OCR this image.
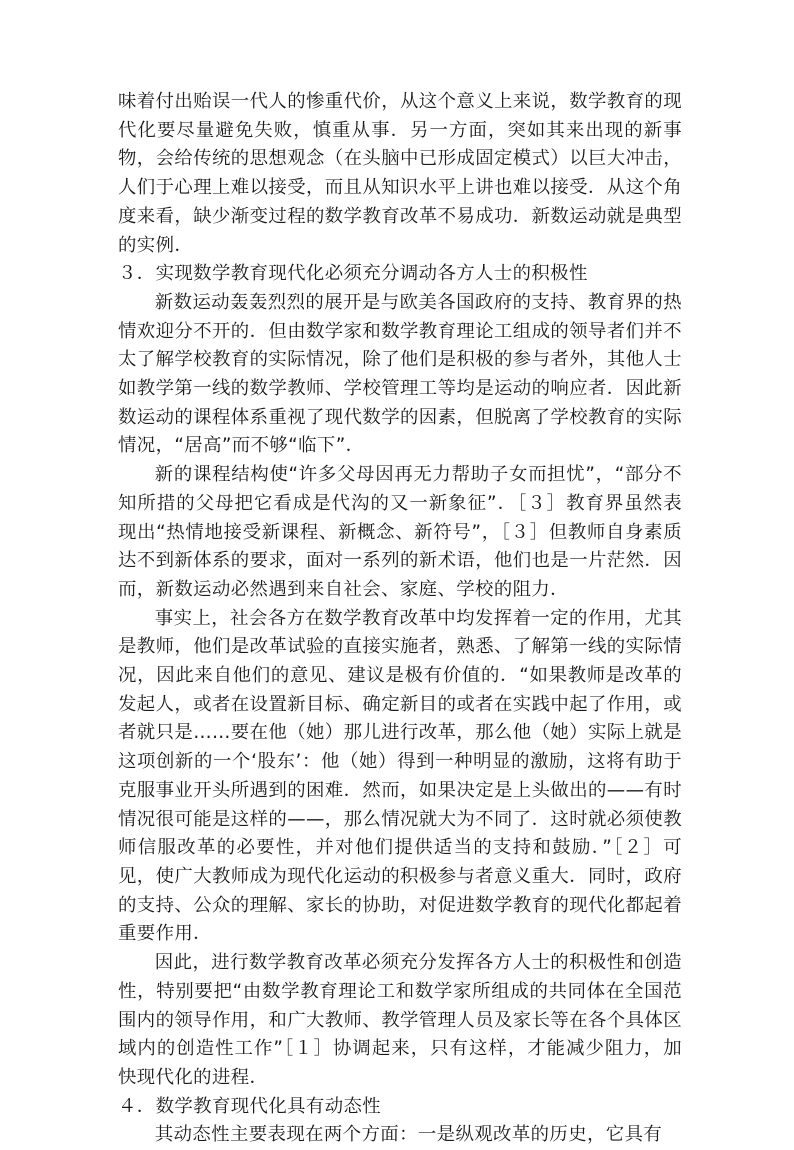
味着付出贻误一代人的惨重代价，从这个意义上来说，数学教育的现代化要尽量避免失败，慎重从事．另一方面，突如其来出现的新事物，会给传统的思想观念（在头脑中已形成固定模式）以巨大冲击，人们于心理上难以接受，而且从知识水平上讲也难以接受．从这个角度来看，缺少渐变过程的数学教育改革不易成功．新数运动就是典型的实例．

３．实现数学教育现代化必须充分调动各方人士的积极性

新数运动轰轰烈烈的展开是与欧美各国政府的支持、教育界的热情欢迎分不开的．但由数学家和数学教育理论工组成的领导者们并不太了解学校教育的实际情况，除了他们是积极的参与者外，其他人士如教学第一线的数学教师、学校管理工等均是运动的响应者．因此新数运动的课程体系重视了现代数学的因素，但脱离了学校教育的实际情况，“居高”而不够“临下”．

新的课程结构使“许多父母因再无力帮助子女而担忧”，“部分不知所措的父母把它看成是代沟的又一新象征”．［３］教育界虽然表现出“热情地接受新课程、新概念、新符号”，［３］但教师自身素质达不到新体系的要求，面对一系列的新术语，他们也是一片茫然．因而，新数运动必然遇到来自社会、家庭、学校的阻力．

事实上，社会各方在数学教育改革中均发挥着一定的作用，尤其是教师，他们是改革试验的直接实施者，熟悉、了解第一线的实际情况，因此来自他们的意见、建议是极有价值的．“如果教师是改革的发起人，或者在设置新目标、确定新目的或者在实践中起了作用，或者就只是……要在他（她）那儿进行改革，那么他（她）实际上就是这项创新的一个‘股东’：他（她）得到一种明显的激励，这将有助于克服事业开头所遇到的困难．然而，如果决定是上头做出的——有时情况很可能是这样的——，那么情况就大为不同了．这时就必须使教师信服改革的必要性，并对他们提供适当的支持和鼓励．”［２］可见，使广大教师成为现代化运动的积极参与者意义重大．同时，政府的支持、公众的理解、家长的协助，对促进数学教育的现代化都起着重要作用．

因此，进行数学教育改革必须充分发挥各方人士的积极性和创造性，特别要把“由数学教育理论工和数学家所组成的共同体在全国范围内的领导作用，和广大教师、教学管理人员及家长等在各个具体区域内的创造性工作”［１］协调起来，只有这样，才能减少阻力，加快现代化的进程．

４．数学教育现代化具有动态性

其动态性主要表现在两个方面：一是纵观改革的历史，它具有
